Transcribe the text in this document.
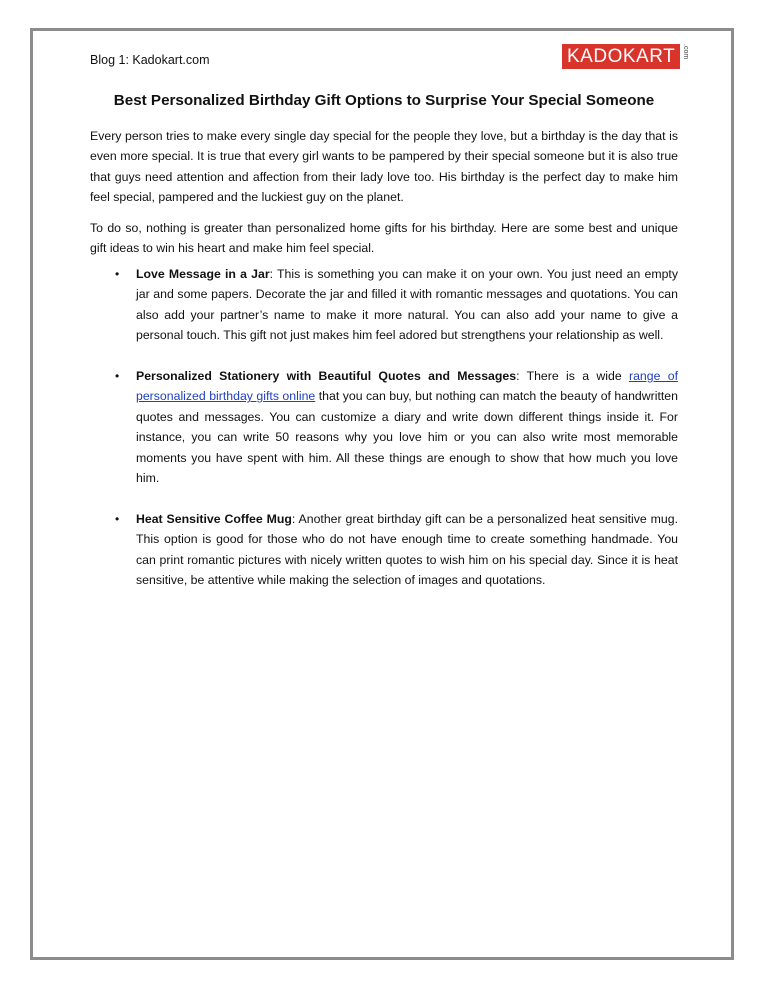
Blog 1: Kadokart.com	KADOKART	.com
Best Personalized Birthday Gift Options to Surprise Your Special Someone

Every person tries to make every single day special for the people they love, but a birthday is the day that is even more special. It is true that every girl wants to be pampered by their special someone but it is also true that guys need attention and affection from their lady love too. His birthday is the perfect day to make him feel special, pampered and the luckiest guy on the planet.

To do so, nothing is greater than personalized home gifts for his birthday. Here are some best and unique gift ideas to win his heart and make him feel special.

• Love Message in a Jar: This is something you can make it on your own. You just need an empty jar and some papers. Decorate the jar and filled it with romantic messages and quotations. You can also add your partner’s name to make it more natural. You can also add your name to give a personal touch. This gift not just makes him feel adored but strengthens your relationship as well.
• Personalized Stationery with Beautiful Quotes and Messages: There is a wide range of personalized birthday gifts online that you can buy, but nothing can match the beauty of handwritten quotes and messages. You can customize a diary and write down different things inside it. For instance, you can write 50 reasons why you love him or you can also write most memorable moments you have spent with him. All these things are enough to show that how much you love him.
• Heat Sensitive Coffee Mug: Another great birthday gift can be a personalized heat sensitive mug. This option is good for those who do not have enough time to create something handmade. You can print romantic pictures with nicely written quotes to wish him on his special day. Since it is heat sensitive, be attentive while making the selection of images and quotations.
